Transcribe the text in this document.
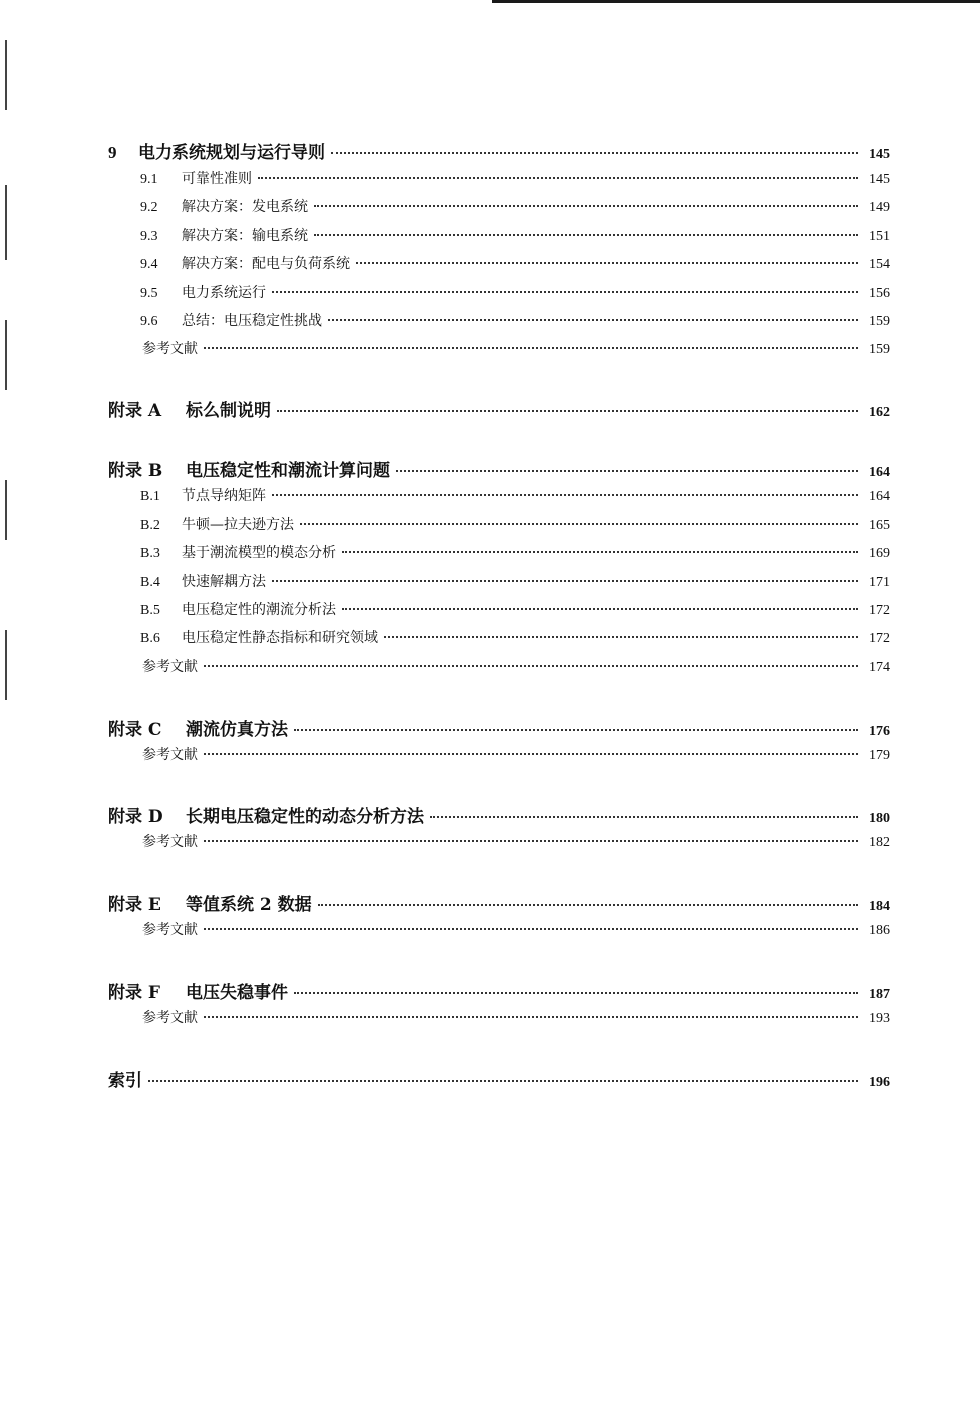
9 电力系统规划与运行导则	145
9.1 可靠性准则	145
9.2 解决方案：发电系统	149
9.3 解决方案：输电系统	151
9.4 解决方案：配电与负荷系统	154
9.5 电力系统运行	156
9.6 总结：电压稳定性挑战	159
参考文献	159
附录 A 标么制说明	162
附录 B 电压稳定性和潮流计算问题	164
B.1 节点导纳矩阵	164
B.2 牛顿—拉夫逊方法	165
B.3 基于潮流模型的模态分析	169
B.4 快速解耦方法	171
B.5 电压稳定性的潮流分析法	172
B.6 电压稳定性静态指标和研究领域	172
参考文献	174
附录 C 潮流仿真方法	176
参考文献	179
附录 D 长期电压稳定性的动态分析方法	180
参考文献	182
附录 E 等值系统 2 数据	184
参考文献	186
附录 F 电压失稳事件	187
参考文献	193
索引	196
